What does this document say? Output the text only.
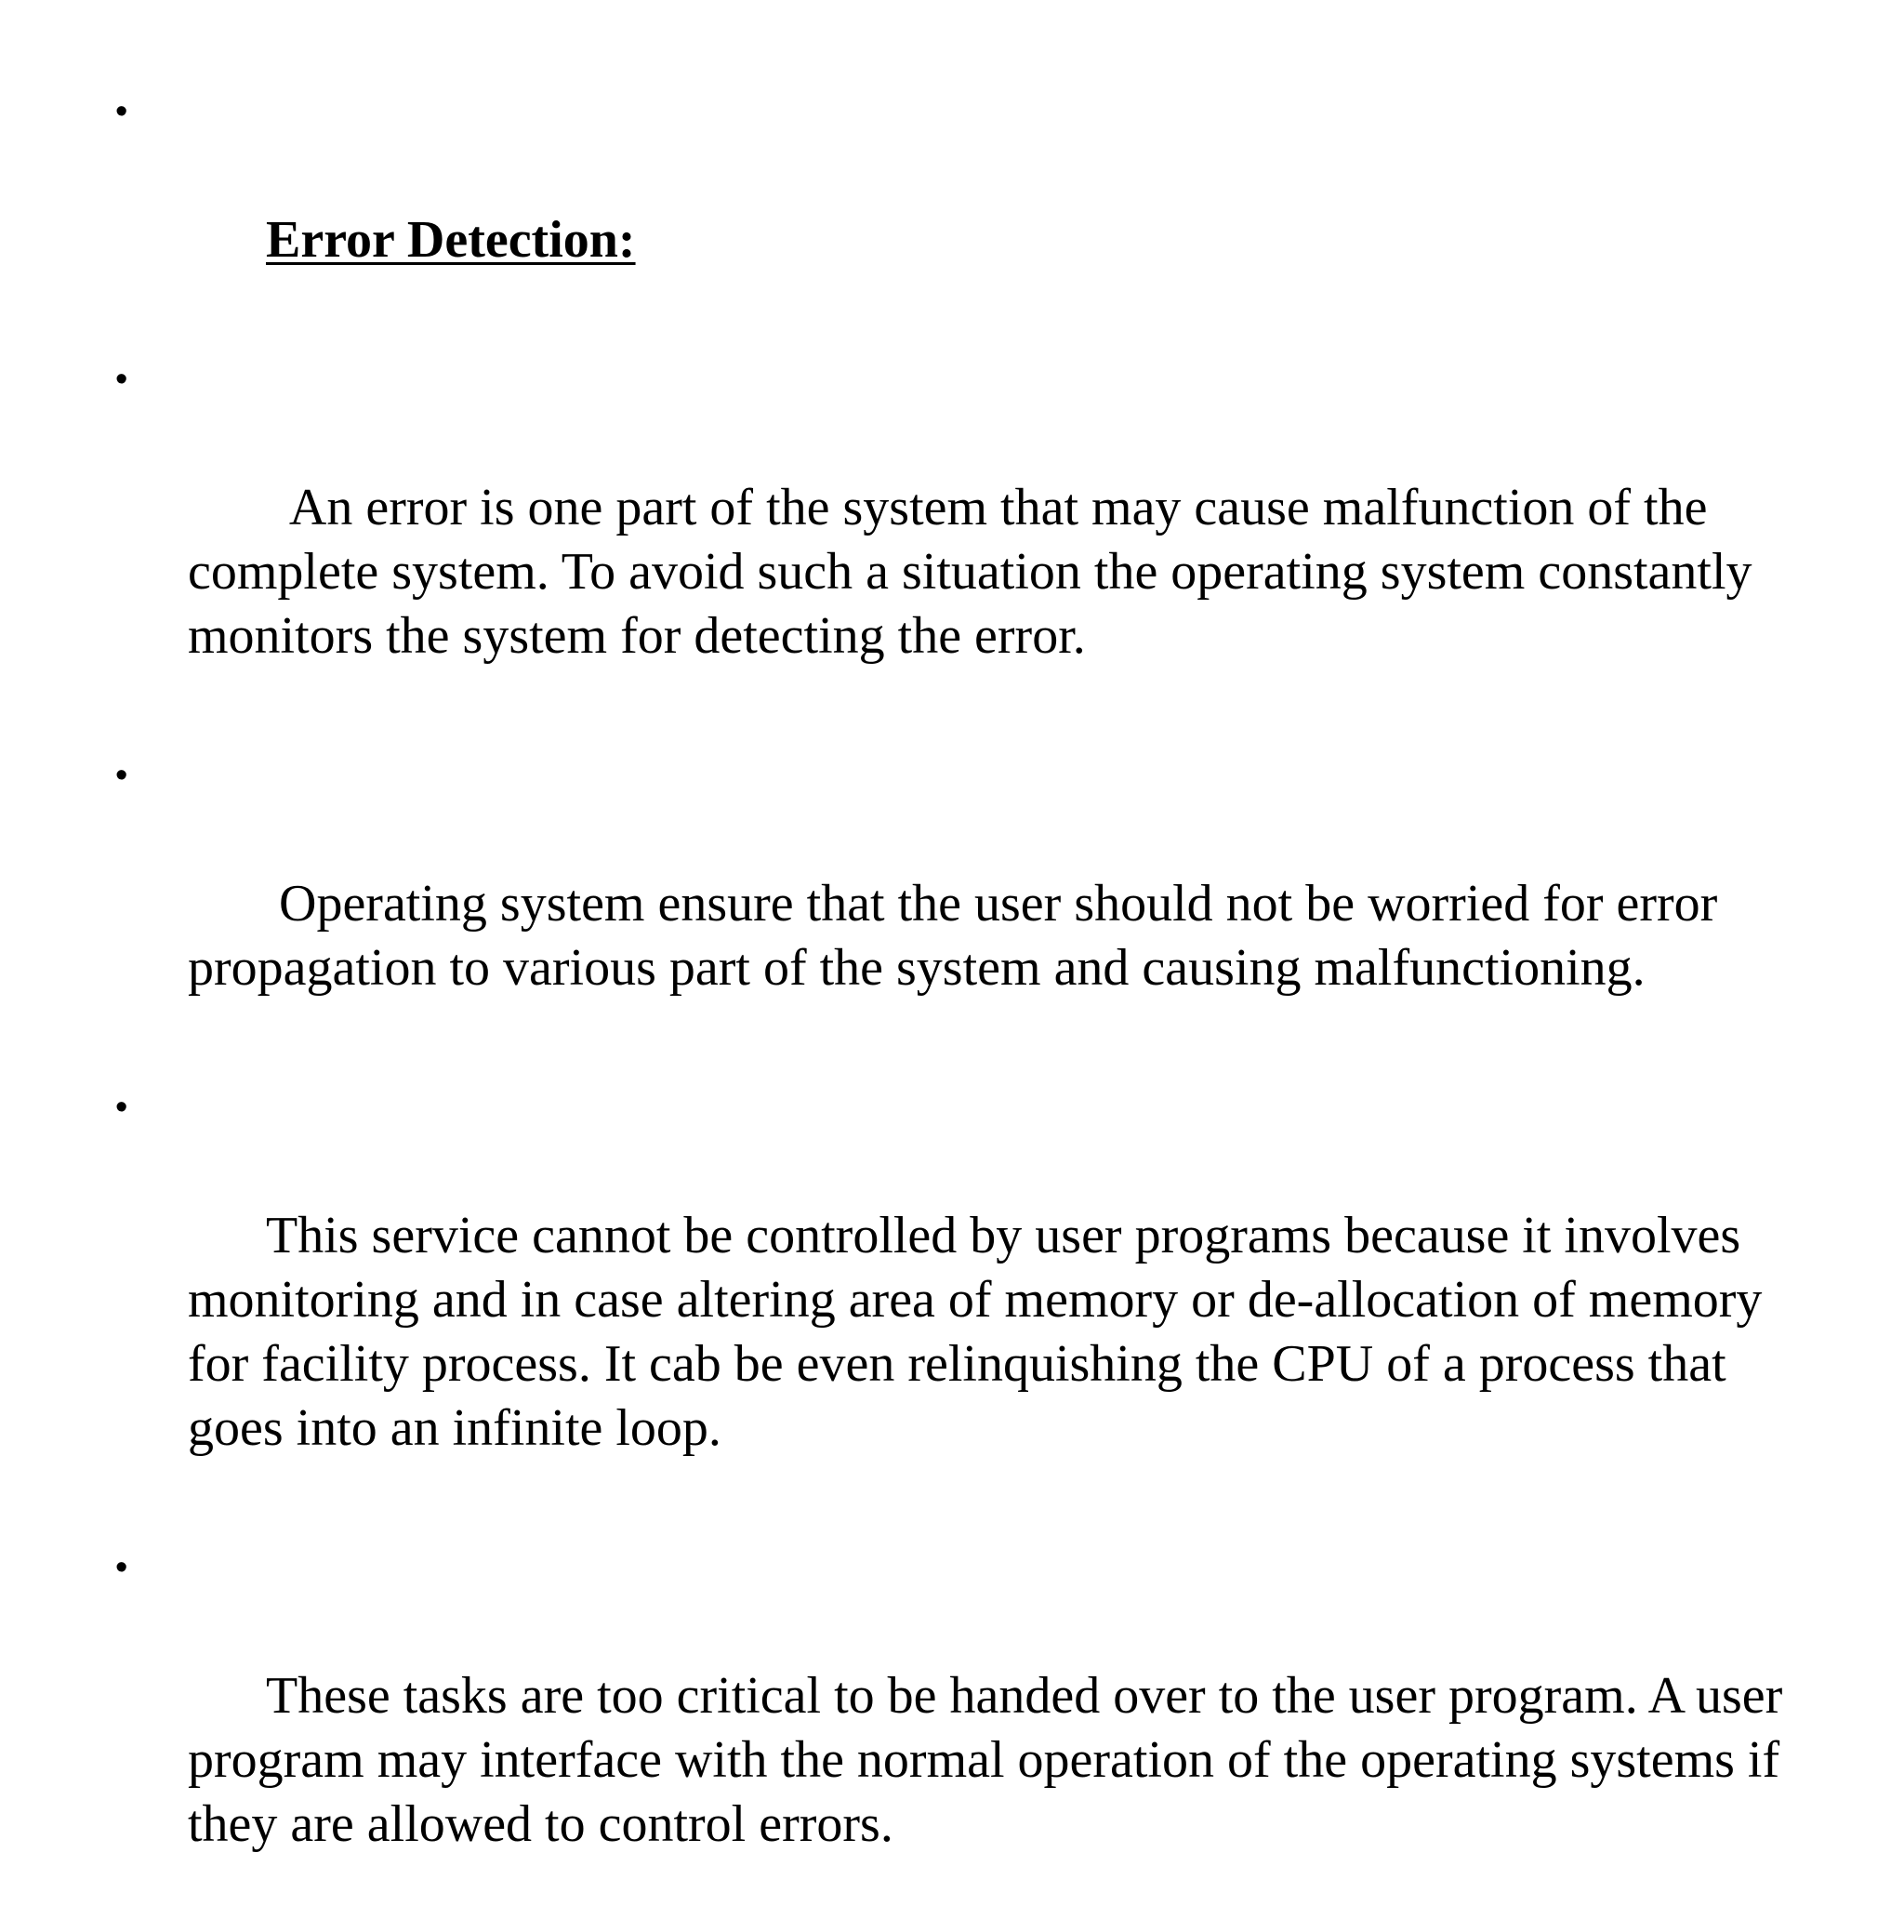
•

Error Detection:

•

An error is one part of the system that may cause malfunction of the complete system. To avoid such a situation the operating system constantly monitors the system for detecting the error.

•

Operating system ensure that the user should not be worried for error propagation to various part of the system and causing malfunctioning.

•

This service cannot be controlled by user programs because it involves monitoring and in case altering area of memory or de-allocation of memory for facility process. It cab be even relinquishing the CPU of a process that goes into an infinite loop.

•

These tasks are too critical to be handed over to the user program. A user program may interface with the normal operation of the operating systems if they are allowed to control errors.
